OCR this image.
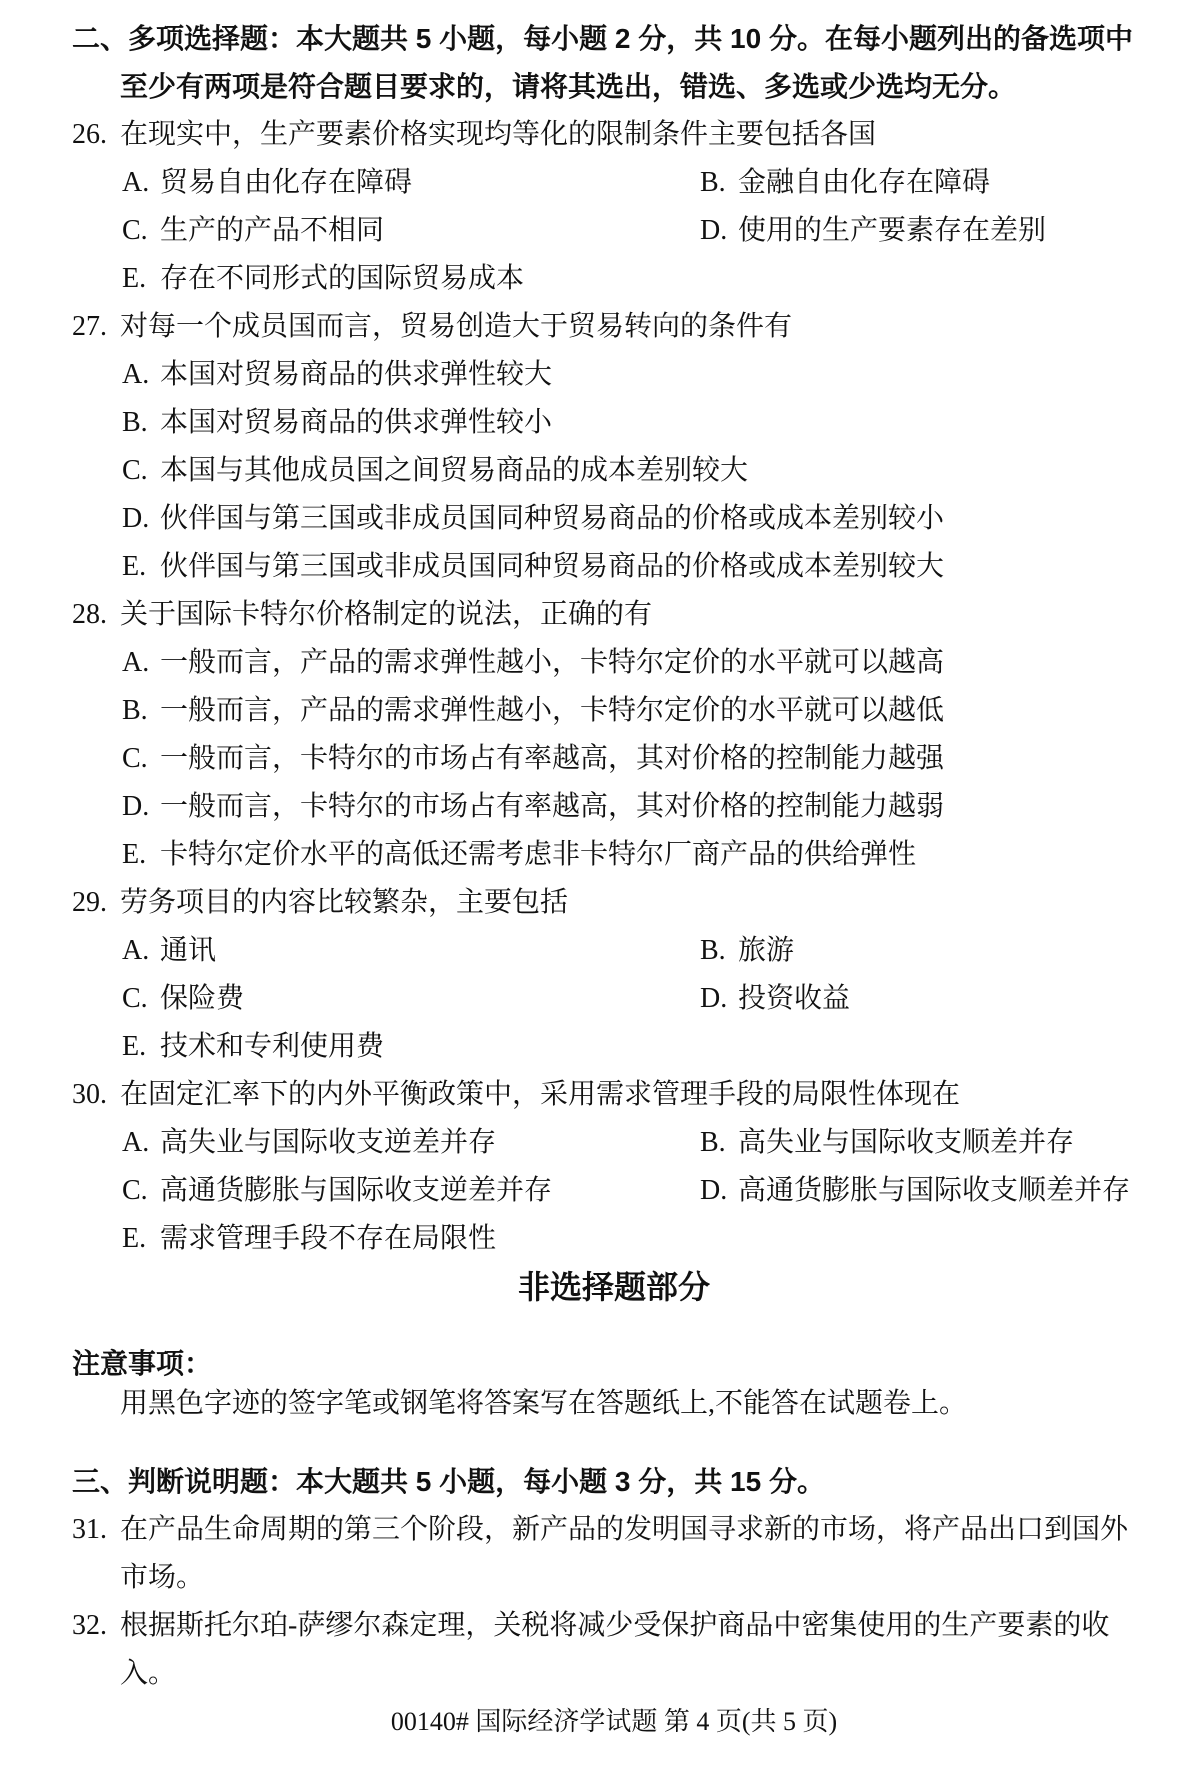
二、多项选择题：本大题共 5 小题，每小题 2 分，共 10 分。在每小题列出的备选项中
至少有两项是符合题目要求的，请将其选出，错选、多选或少选均无分。
26. 在现实中，生产要素价格实现均等化的限制条件主要包括各国
A. 贸易自由化存在障碍	B. 金融自由化存在障碍
C. 生产的产品不相同	D. 使用的生产要素存在差别
E. 存在不同形式的国际贸易成本
27. 对每一个成员国而言，贸易创造大于贸易转向的条件有
A. 本国对贸易商品的供求弹性较大
B. 本国对贸易商品的供求弹性较小
C. 本国与其他成员国之间贸易商品的成本差别较大
D. 伙伴国与第三国或非成员国同种贸易商品的价格或成本差别较小
E. 伙伴国与第三国或非成员国同种贸易商品的价格或成本差别较大
28. 关于国际卡特尔价格制定的说法，正确的有
A. 一般而言，产品的需求弹性越小，卡特尔定价的水平就可以越高
B. 一般而言，产品的需求弹性越小，卡特尔定价的水平就可以越低
C. 一般而言，卡特尔的市场占有率越高，其对价格的控制能力越强
D. 一般而言，卡特尔的市场占有率越高，其对价格的控制能力越弱
E. 卡特尔定价水平的高低还需考虑非卡特尔厂商产品的供给弹性
29. 劳务项目的内容比较繁杂，主要包括
A. 通讯	B. 旅游
C. 保险费	D. 投资收益
E. 技术和专利使用费
30. 在固定汇率下的内外平衡政策中，采用需求管理手段的局限性体现在
A. 高失业与国际收支逆差并存	B. 高失业与国际收支顺差并存
C. 高通货膨胀与国际收支逆差并存	D. 高通货膨胀与国际收支顺差并存
E. 需求管理手段不存在局限性
非选择题部分
注意事项：
用黑色字迹的签字笔或钢笔将答案写在答题纸上,不能答在试题卷上。
三、判断说明题：本大题共 5 小题，每小题 3 分，共 15 分。
31. 在产品生命周期的第三个阶段，新产品的发明国寻求新的市场，将产品出口到国外
市场。
32. 根据斯托尔珀-萨缪尔森定理，关税将减少受保护商品中密集使用的生产要素的收
入。
00140# 国际经济学试题 第 4 页(共 5 页)
